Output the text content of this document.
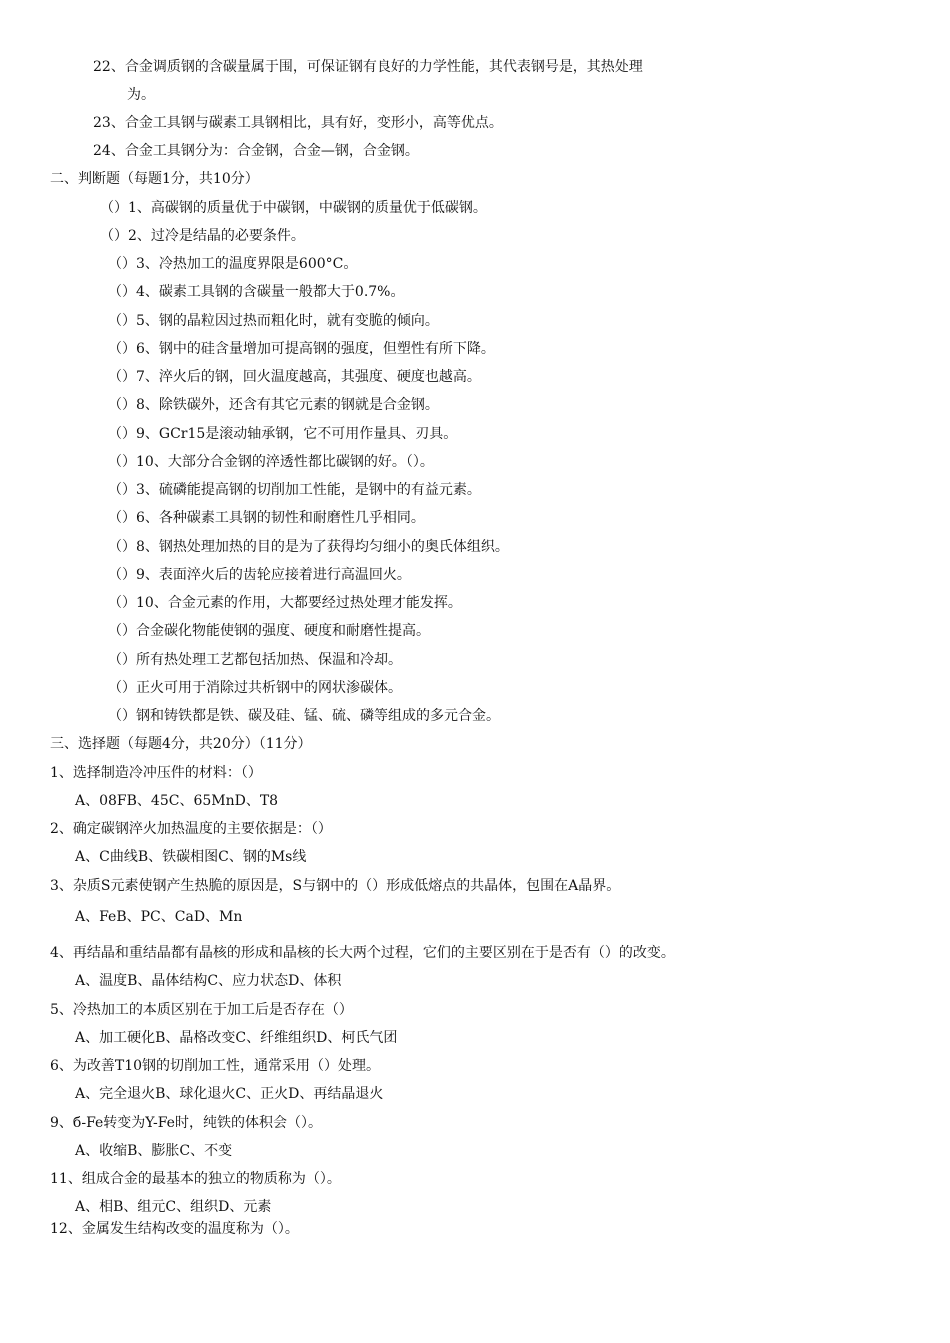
22、合金调质钢的含碳量属于围，可保证钢有良好的力学性能，其代表钢号是，其热处理

为。

23、合金工具钢与碳素工具钢相比，具有好，变形小，高等优点。

24、合金工具钢分为：合金钢，合金—钢，合金钢。

二、判断题（每题1分，共10分）

（）1、高碳钢的质量优于中碳钢，中碳钢的质量优于低碳钢。

（）2、过冷是结晶的必要条件。

（）3、冷热加工的温度界限是600°C。

（）4、碳素工具钢的含碳量一般都大于0.7%。

（）5、钢的晶粒因过热而粗化时，就有变脆的倾向。

（）6、钢中的硅含量增加可提高钢的强度，但塑性有所下降。

（）7、淬火后的钢，回火温度越高，其强度、硬度也越高。

（）8、除铁碳外，还含有其它元素的钢就是合金钢。

（）9、GCr15是滚动轴承钢，它不可用作量具、刃具。

（）10、大部分合金钢的淬透性都比碳钢的好。（）。

（）3、硫磷能提高钢的切削加工性能，是钢中的有益元素。

（）6、各种碳素工具钢的韧性和耐磨性几乎相同。

（）8、钢热处理加热的目的是为了获得均匀细小的奥氏体组织。

（）9、表面淬火后的齿轮应接着进行高温回火。

（）10、合金元素的作用，大都要经过热处理才能发挥。

（）合金碳化物能使钢的强度、硬度和耐磨性提高。

（）所有热处理工艺都包括加热、保温和冷却。

（）正火可用于消除过共析钢中的网状渗碳体。

（）钢和铸铁都是铁、碳及硅、锰、硫、磷等组成的多元合金。

三、选择题（每题4分，共20分）（11分）

1、选择制造冷冲压件的材料：（）

A、08FB、45C、65MnD、T8

2、确定碳钢淬火加热温度的主要依据是：（）

A、C曲线B、铁碳相图C、钢的Ms线

3、杂质S元素使钢产生热脆的原因是，S与钢中的（）形成低熔点的共晶体，包围在A晶界。

A、FeB、PC、CaD、Mn

4、再结晶和重结晶都有晶核的形成和晶核的长大两个过程，它们的主要区别在于是否有（）的改变。

A、温度B、晶体结构C、应力状态D、体积

5、冷热加工的本质区别在于加工后是否存在（）

A、加工硬化B、晶格改变C、纤维组织D、柯氏气团

6、为改善T10钢的切削加工性，通常采用（）处理。

A、完全退火B、球化退火C、正火D、再结晶退火

9、б-Fe转变为Y-Fe时，纯铁的体积会（）。

A、收缩B、膨胀C、不变

11、组成合金的最基本的独立的物质称为（）。

A、相B、组元C、组织D、元素

12、金属发生结构改变的温度称为（）。
